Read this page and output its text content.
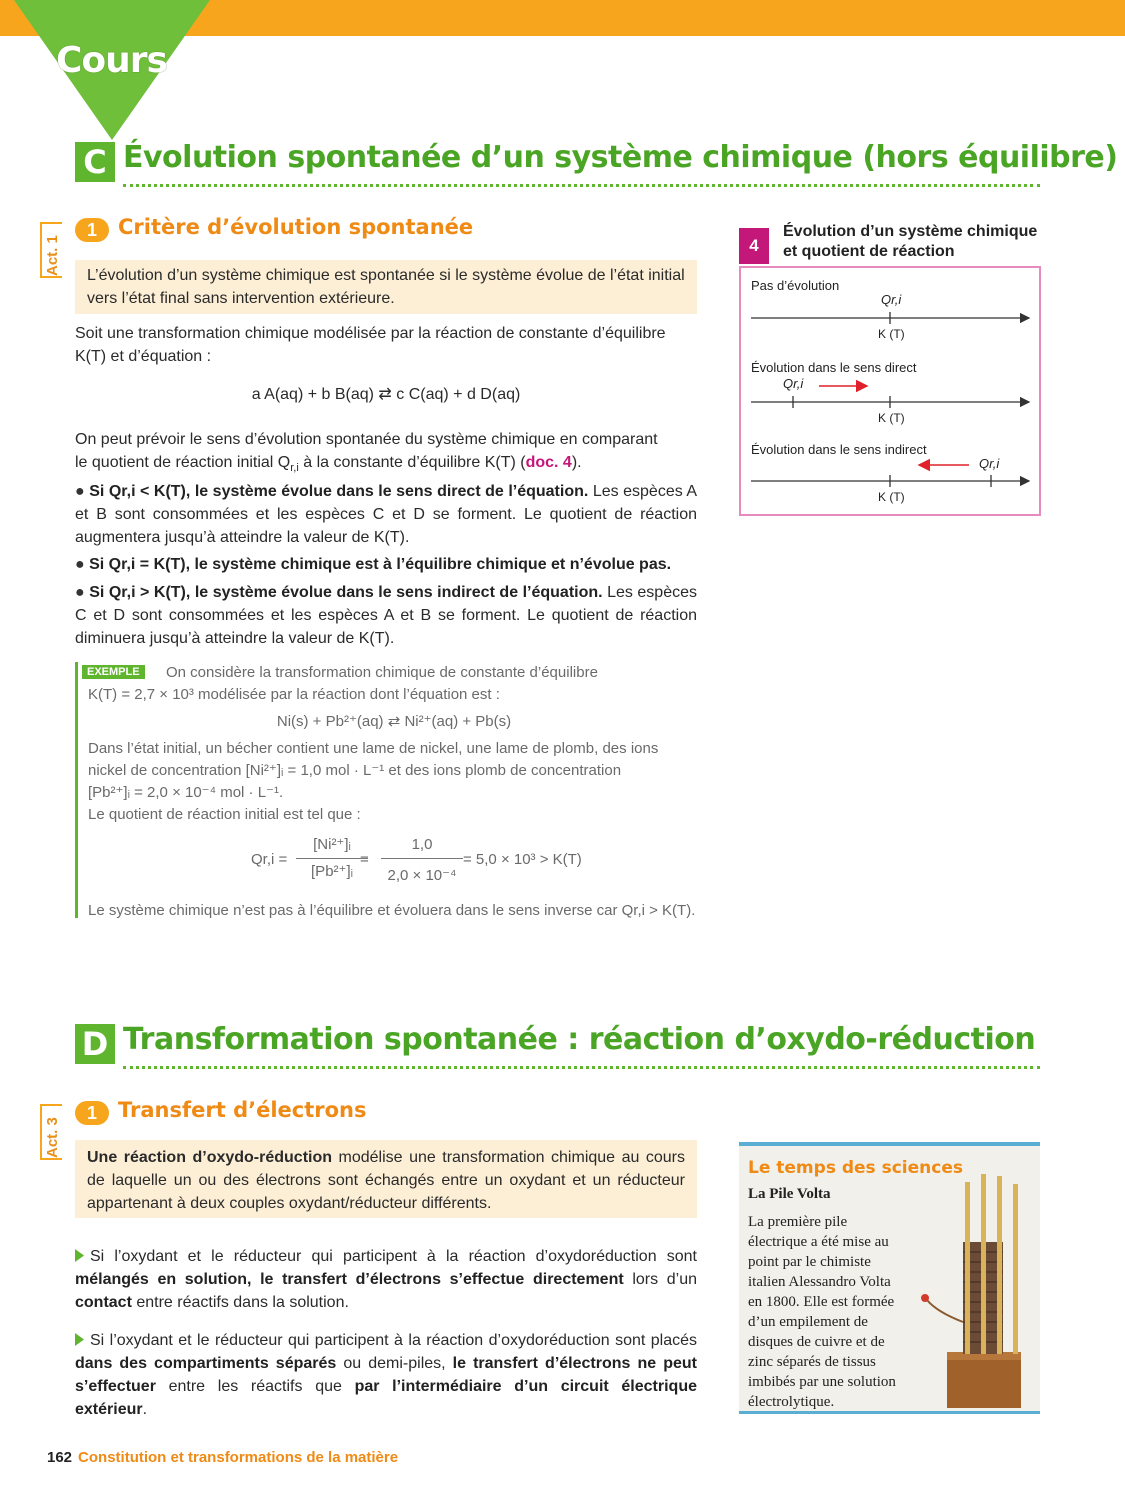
Cours
C Évolution spontanée d’un système chimique (hors équilibre)
Act. 1
1	Critère d’évolution spontanée
L’évolution d’un système chimique est spontanée si le système évolue de l’état initial vers l’état final sans intervention extérieure.
Soit une transformation chimique modélisée par la réaction de constante d’équilibre
K(T) et d’équation :
a A(aq) + b B(aq) ⇄ c C(aq) + d D(aq)
On peut prévoir le sens d’évolution spontanée du système chimique en comparant
le quotient de réaction initial $Q_{r,i}$ à la constante d’équilibre K(T) (doc. 4).
● Si Qr,i < K(T), le système évolue dans le sens direct de l’équation. Les espèces A et B sont consommées et les espèces C et D se forment. Le quotient de réaction augmentera jusqu’à atteindre la valeur de K(T).
● Si Qr,i = K(T), le système chimique est à l’équilibre chimique et n’évolue pas.
● Si Qr,i > K(T), le système évolue dans le sens indirect de l’équation. Les espèces C et D sont consommées et les espèces A et B se forment. Le quotient de réaction diminuera jusqu’à atteindre la valeur de K(T).
EXEMPLE	On considère la transformation chimique de constante d’équilibre
K(T) = 2,7 × 10³ modélisée par la réaction dont l’équation est :
Ni(s) + Pb²⁺(aq) ⇄ Ni²⁺(aq) + Pb(s)
Dans l’état initial, un bécher contient une lame de nickel, une lame de plomb, des ions
nickel de concentration [Ni²⁺]ᵢ = 1,0 mol · L⁻¹ et des ions plomb de concentration
[Pb²⁺]ᵢ = 2,0 × 10⁻⁴ mol · L⁻¹.
Le quotient de réaction initial est tel que :
Qr,i =
[Ni²⁺]ᵢ
[Pb²⁺]ᵢ
=
1,0
2,0 × 10⁻⁴
= 5,0 × 10³ > K(T)
Le système chimique n’est pas à l’équilibre et évoluera dans le sens inverse car Qr,i > K(T).
4
Évolution d’un système chimique
et quotient de réaction
Pas d’évolution
Qr,i
K (T)
Évolution dans le sens direct
Qr,i
K (T)
Évolution dans le sens indirect
Qr,i
K (T)
D Transformation spontanée : réaction d’oxydo-réduction
Act. 3
1	Transfert d’électrons
Une réaction d’oxydo-réduction modélise une transformation chimique au cours de laquelle un ou des électrons sont échangés entre un oxydant et un réducteur appartenant à deux couples oxydant/réducteur différents.
Si l’oxydant et le réducteur qui participent à la réaction d’oxydoréduction sont mélangés en solution, le transfert d’électrons s’effectue directement lors d’un contact entre réactifs dans la solution.
Si l’oxydant et le réducteur qui participent à la réaction d’oxydoréduction sont placés dans des compartiments séparés ou demi-piles, le transfert d’électrons ne peut s’effectuer entre les réactifs que par l’intermédiaire d’un circuit électrique extérieur.
Le temps des sciences
La Pile Volta
La première pile électrique a été mise au point par le chimiste italien Alessandro Volta en 1800. Elle est formée d’un empilement de disques de cuivre et de zinc séparés de tissus imbibés par une solution électrolytique.
162 Constitution et transformations de la matière
